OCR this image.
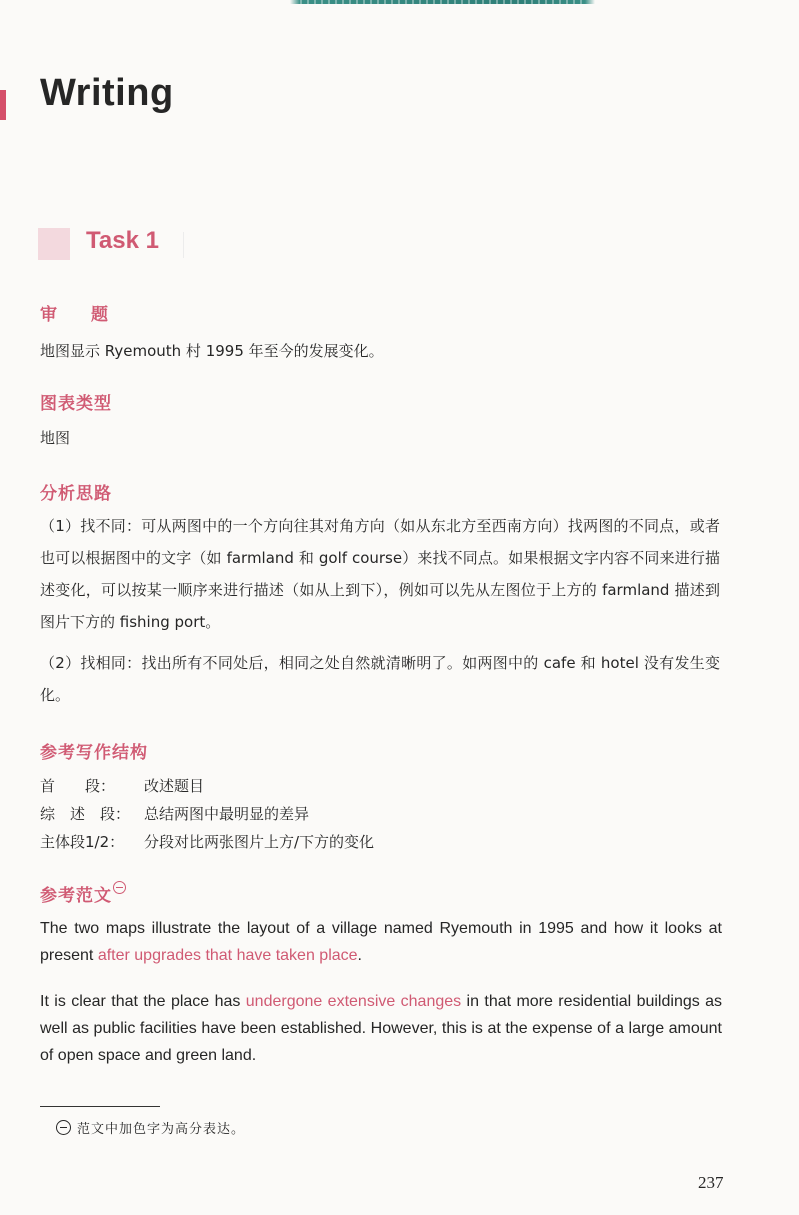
Writing
Task 1
审题
地图显示 Ryemouth 村 1995 年至今的发展变化。
图表类型
地图
分析思路
（1）找不同：可从两图中的一个方向往其对角方向（如从东北方至西南方向）找两图的不同点，或者也可以根据图中的文字（如 farmland 和 golf course）来找不同点。如果根据文字内容不同来进行描述变化，可以按某一顺序来进行描述（如从上到下），例如可以先从左图位于上方的 farmland 描述到图片下方的 fishing port。
（2）找相同：找出所有不同处后，相同之处自然就清晰明了。如两图中的 cafe 和 hotel 没有发生变化。
参考写作结构
首　　段： 改述题目
综　述　段： 总结两图中最明显的差异
主体段1/2： 分段对比两张图片上方/下方的变化
参考范文
The two maps illustrate the layout of a village named Ryemouth in 1995 and how it looks at present after upgrades that have taken place.
It is clear that the place has undergone extensive changes in that more residential buildings as well as public facilities have been established. However, this is at the expense of a large amount of open space and green land.
范文中加色字为高分表达。
237
